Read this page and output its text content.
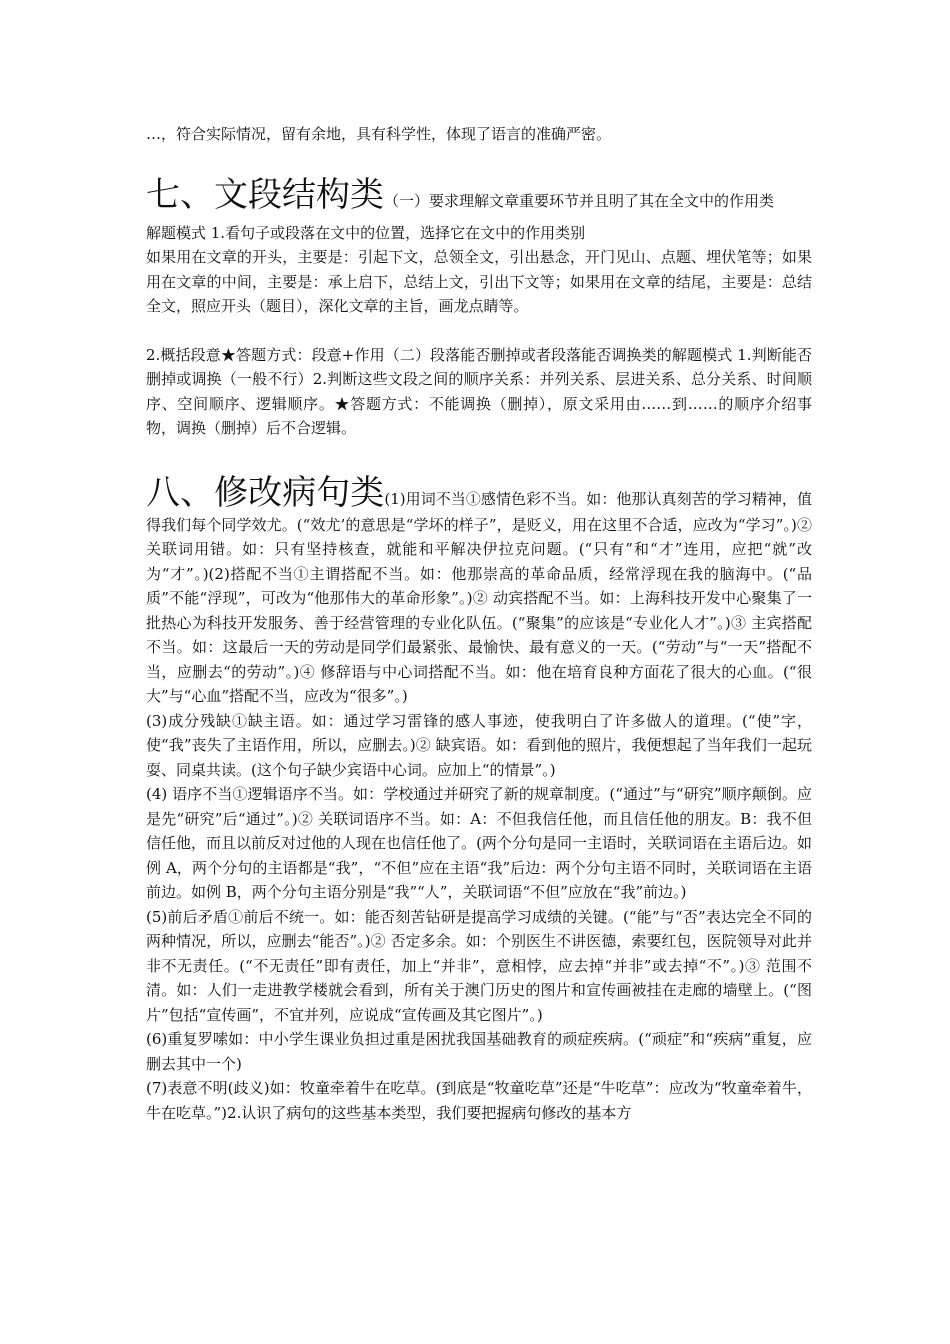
…，符合实际情况，留有余地，具有科学性，体现了语言的准确严密。

七、文段结构类（一）要求理解文章重要环节并且明了其在全文中的作用类

解题模式 1.看句子或段落在文中的位置，选择它在文中的作用类别

如果用在文章的开头，主要是：引起下文，总领全文，引出悬念，开门见山、点题、埋伏笔等；如果用在文章的中间，主要是：承上启下，总结上文，引出下文等；如果用在文章的结尾，主要是：总结全文，照应开头（题目），深化文章的主旨，画龙点睛等。

2.概括段意★答题方式：段意+作用（二）段落能否删掉或者段落能否调换类的解题模式 1.判断能否删掉或调换（一般不行）2.判断这些文段之间的顺序关系：并列关系、层进关系、总分关系、时间顺序、空间顺序、逻辑顺序。★答题方式：不能调换（删掉），原文采用由……到……的顺序介绍事物，调换（删掉）后不合逻辑。

八、修改病句类(1)用词不当①感情色彩不当。如：他那认真刻苦的学习精神，值得我们每个同学效尤。(“效尤’的意思是“学坏的样子”，是贬义，用在这里不合适，应改为“学习”。)② 关联词用错。如：只有坚持核查，就能和平解决伊拉克问题。(“只有”和“才”连用，应把“就”改为“才”。)(2)搭配不当①主谓搭配不当。如：他那崇高的革命品质，经常浮现在我的脑海中。(“品质”不能“浮现”，可改为“他那伟大的革命形象”。)② 动宾搭配不当。如：上海科技开发中心聚集了一批热心为科技开发服务、善于经营管理的专业化队伍。(“聚集”的应该是“专业化人才”。)③ 主宾搭配不当。如：这最后一天的劳动是同学们最紧张、最愉快、最有意义的一天。(“劳动”与“一天”搭配不当，应删去“的劳动”。)④ 修辞语与中心词搭配不当。如：他在培育良种方面花了很大的心血。(“很大”与“心血”搭配不当，应改为“很多”。)

(3)成分残缺①缺主语。如：通过学习雷锋的感人事迹，使我明白了许多做人的道理。(“使”字，使“我”丧失了主语作用，所以，应删去。)② 缺宾语。如：看到他的照片，我便想起了当年我们一起玩耍、同桌共读。(这个句子缺少宾语中心词。应加上“的情景”。)

(4) 语序不当①逻辑语序不当。如：学校通过并研究了新的规章制度。(“通过”与“研究”顺序颠倒。应是先“研究”后“通过”。)② 关联词语序不当。如：A：不但我信任他，而且信任他的朋友。B：我不但信任他，而且以前反对过他的人现在也信任他了。(两个分句是同一主语时，关联词语在主语后边。如例 A，两个分句的主语都是“我”，“不但”应在主语“我”后边：两个分句主语不同时，关联词语在主语前边。如例 B，两个分句主语分别是“我”“人”，关联词语“不但”应放在“我”前边。)

(5)前后矛盾①前后不统一。如：能否刻苦钻研是提高学习成绩的关键。(“能”与“否”表达完全不同的两种情况，所以，应删去“能否”。)② 否定多余。如：个别医生不讲医德，索要红包，医院领导对此并非不无责任。(“不无责任”即有责任，加上“并非”，意相悖，应去掉“并非”或去掉“不”。)③ 范围不清。如：人们一走进教学楼就会看到，所有关于澳门历史的图片和宣传画被挂在走廊的墙壁上。(“图片”包括“宣传画”，不宜并列，应说成“宣传画及其它图片”。)

(6)重复罗嗦如：中小学生课业负担过重是困扰我国基础教育的顽症疾病。(“顽症”和“疾病”重复，应删去其中一个)

(7)表意不明(歧义)如：牧童牵着牛在吃草。(到底是“牧童吃草”还是“牛吃草”：应改为“牧童牵着牛，牛在吃草。”)2.认识了病句的这些基本类型，我们要把握病句修改的基本方
